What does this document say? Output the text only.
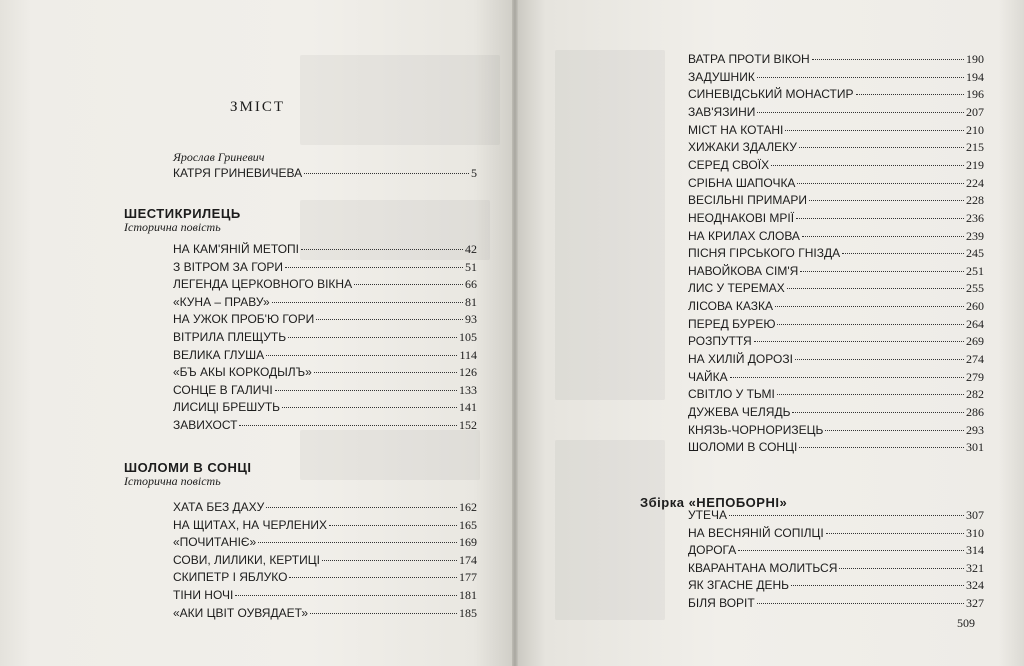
ЗМІСТ
Ярослав Гриневич
КАТРЯ ГРИНЕВИЧЕВА	5
ШЕСТИКРИЛЕЦЬ
Історична повість
НА КАМ'ЯНІЙ МЕТОПІ	42
З ВІТРОМ ЗА ГОРИ	51
ЛЕГЕНДА ЦЕРКОВНОГО ВІКНА	66
«КУНА – ПРАВУ»	81
НА УЖОК ПРОБ'Ю ГОРИ	93
ВІТРИЛА ПЛЕЩУТЬ	105
ВЕЛИКА ГЛУША	114
«БЪ АКЫ КОРКОДЫЛЪ»	126
СОНЦЕ В ГАЛИЧІ	133
ЛИСИЦІ БРЕШУТЬ	141
ЗАВИХОСТ	152
ШОЛОМИ В СОНЦІ
Історична повість
ХАТА БЕЗ ДАХУ	162
НА ЩИТАХ, НА ЧЕРЛЕНИХ	165
«ПОЧИТАНІЄ»	169
СОВИ, ЛИЛИКИ, КЕРТИЦІ	174
СКИПЕТР І ЯБЛУКО	177
ТІНИ НОЧІ	181
«АКИ ЦВІТ ОУВЯДАЕТ»	185
ВАТРА ПРОТИ ВІКОН	190
ЗАДУШНИК	194
СИНЕВІДСЬКИЙ МОНАСТИР	196
ЗАВ'ЯЗИНИ	207
МІСТ НА КОТАНІ	210
ХИЖАКИ ЗДАЛЕКУ	215
СЕРЕД СВОЇХ	219
СРІБНА ШАПОЧКА	224
ВЕСІЛЬНІ ПРИМАРИ	228
НЕОДНАКОВІ МРІЇ	236
НА КРИЛАХ СЛОВА	239
ПІСНЯ ГІРСЬКОГО ГНІЗДА	245
НАВОЙКОВА СІМ'Я	251
ЛИС У ТЕРЕМАХ	255
ЛІСОВА КАЗКА	260
ПЕРЕД БУРЕЮ	264
РОЗПУТТЯ	269
НА ХИЛІЙ ДОРОЗІ	274
ЧАЙКА	279
СВІТЛО У ТЬМІ	282
ДУЖЕВА ЧЕЛЯДЬ	286
КНЯЗЬ-ЧОРНОРИЗЕЦЬ	293
ШОЛОМИ В СОНЦІ	301
Збірка «НЕПОБОРНІ»
УТЕЧА	307
НА ВЕСНЯНІЙ СОПІЛЦІ	310
ДОРОГА	314
КВАРАНТАНА МОЛИТЬСЯ	321
ЯК ЗГАСНЕ ДЕНЬ	324
БІЛЯ ВОРІТ	327
509
